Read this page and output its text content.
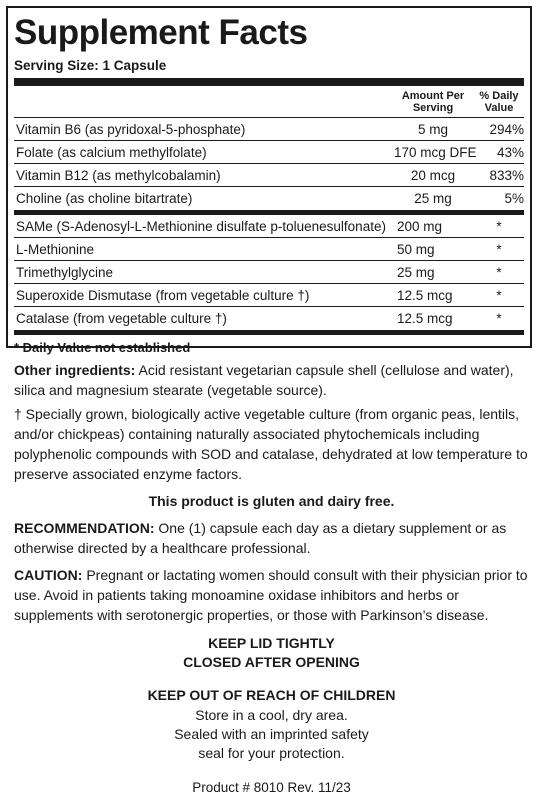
Supplement Facts
Serving Size: 1 Capsule
Amount Per Serving
% Daily Value
Vitamin B6 (as pyridoxal-5-phosphate)	5 mg	294%
Folate (as calcium methylfolate)	170 mcg DFE	43%
Vitamin B12 (as methylcobalamin)	20 mcg	833%
Choline (as choline bitartrate)	25 mg	5%
SAMe (S-Adenosyl-L-Methionine disulfate p-toluenesulfonate) 200 mg	*
L-Methionine	50 mg	*
Trimethylglycine	25 mg	*
Superoxide Dismutase (from vegetable culture †)	12.5 mcg	*
Catalase (from vegetable culture †)	12.5 mcg	*
* Daily Value not established
Other ingredients: Acid resistant vegetarian capsule shell (cellulose and water), silica and magnesium stearate (vegetable source).
† Specially grown, biologically active vegetable culture (from organic peas, lentils, and/or chickpeas) containing naturally associated phytochemicals including polyphenolic compounds with SOD and catalase, dehydrated at low temperature to preserve associated enzyme factors.
This product is gluten and dairy free.
RECOMMENDATION: One (1) capsule each day as a dietary supplement or as otherwise directed by a healthcare professional.
CAUTION: Pregnant or lactating women should consult with their physician prior to use. Avoid in patients taking monoamine oxidase inhibitors and herbs or supplements with serotonergic properties, or those with Parkinson’s disease.
KEEP LID TIGHTLY
CLOSED AFTER OPENING
KEEP OUT OF REACH OF CHILDREN
Store in a cool, dry area.
Sealed with an imprinted safety
seal for your protection.
Product # 8010 Rev. 11/23
